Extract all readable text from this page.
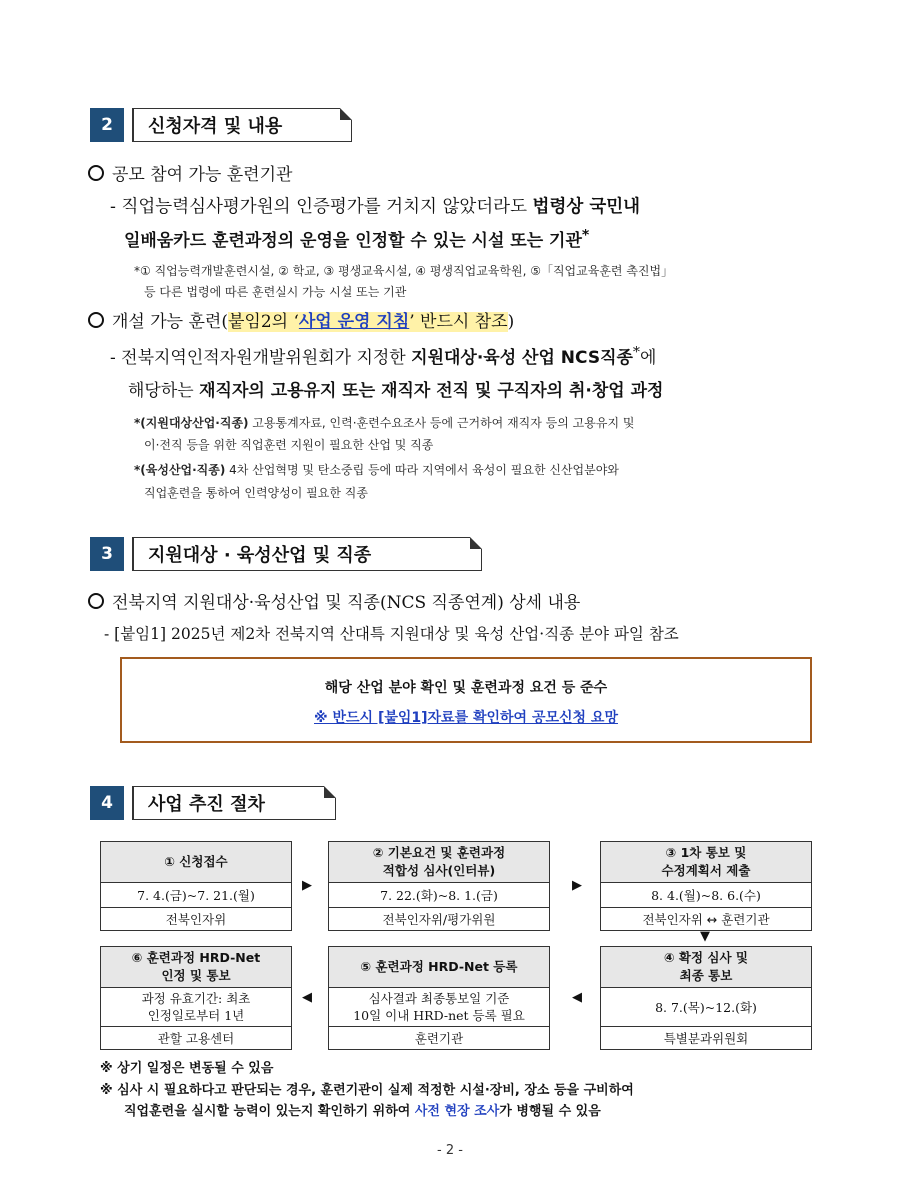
2	신청자격 및 내용
공모 참여 가능 훈련기관
- 직업능력심사평가원의 인증평가를 거치지 않았더라도 법령상 국민내
일배움카드 훈련과정의 운영을 인정할 수 있는 시설 또는 기관*
*① 직업능력개발훈련시설, ② 학교, ③ 평생교육시설, ④ 평생직업교육학원, ⑤「직업교육훈련 촉진법」
등 다른 법령에 따른 훈련실시 가능 시설 또는 기관
개설 가능 훈련(붙임2의 ‘사업 운영 지침’ 반드시 참조)
- 전북지역인적자원개발위원회가 지정한 지원대상·육성 산업 NCS직종*에
해당하는 재직자의 고용유지 또는 재직자 전직 및 구직자의 취·창업 과정
*(지원대상산업·직종) 고용통계자료, 인력·훈련수요조사 등에 근거하여 재직자 등의 고용유지 및
이·전직 등을 위한 직업훈련 지원이 필요한 산업 및 직종
*(육성산업·직종) 4차 산업혁명 및 탄소중립 등에 따라 지역에서 육성이 필요한 신산업분야와
직업훈련을 통하여 인력양성이 필요한 직종
3	지원대상 · 육성산업 및 직종
전북지역 지원대상·육성산업 및 직종(NCS 직종연계) 상세 내용
- [붙임1] 2025년 제2차 전북지역 산대특 지원대상 및 육성 산업·직종 분야 파일 참조
해당 산업 분야 확인 및 훈련과정 요건 등 준수
※ 반드시 [붙임1]자료를 확인하여 공모신청 요망
4	사업 추진 절차
① 신청접수
7. 4.(금)~7. 21.(월)
전북인자위
▶
② 기본요건 및 훈련과정
적합성 심사(인터뷰)
7. 22.(화)~8. 1.(금)
전북인자위/평가위원
▶
③ 1차 통보 및
수정계획서 제출
8. 4.(월)~8. 6.(수)
전북인자위 ↔ 훈련기관
▼
⑥ 훈련과정 HRD-Net
인정 및 통보
과정 유효기간: 최초
인정일로부터 1년
관할 고용센터
◀
⑤ 훈련과정 HRD-Net 등록
심사결과 최종통보일 기준
10일 이내 HRD-net 등록 필요
훈련기관
◀
④ 확정 심사 및
최종 통보
8. 7.(목)~12.(화)
특별분과위원회
※ 상기 일정은 변동될 수 있음
※ 심사 시 필요하다고 판단되는 경우, 훈련기관이 실제 적정한 시설·장비, 장소 등을 구비하여
직업훈련을 실시할 능력이 있는지 확인하기 위하여 사전 현장 조사가 병행될 수 있음
- 2 -
